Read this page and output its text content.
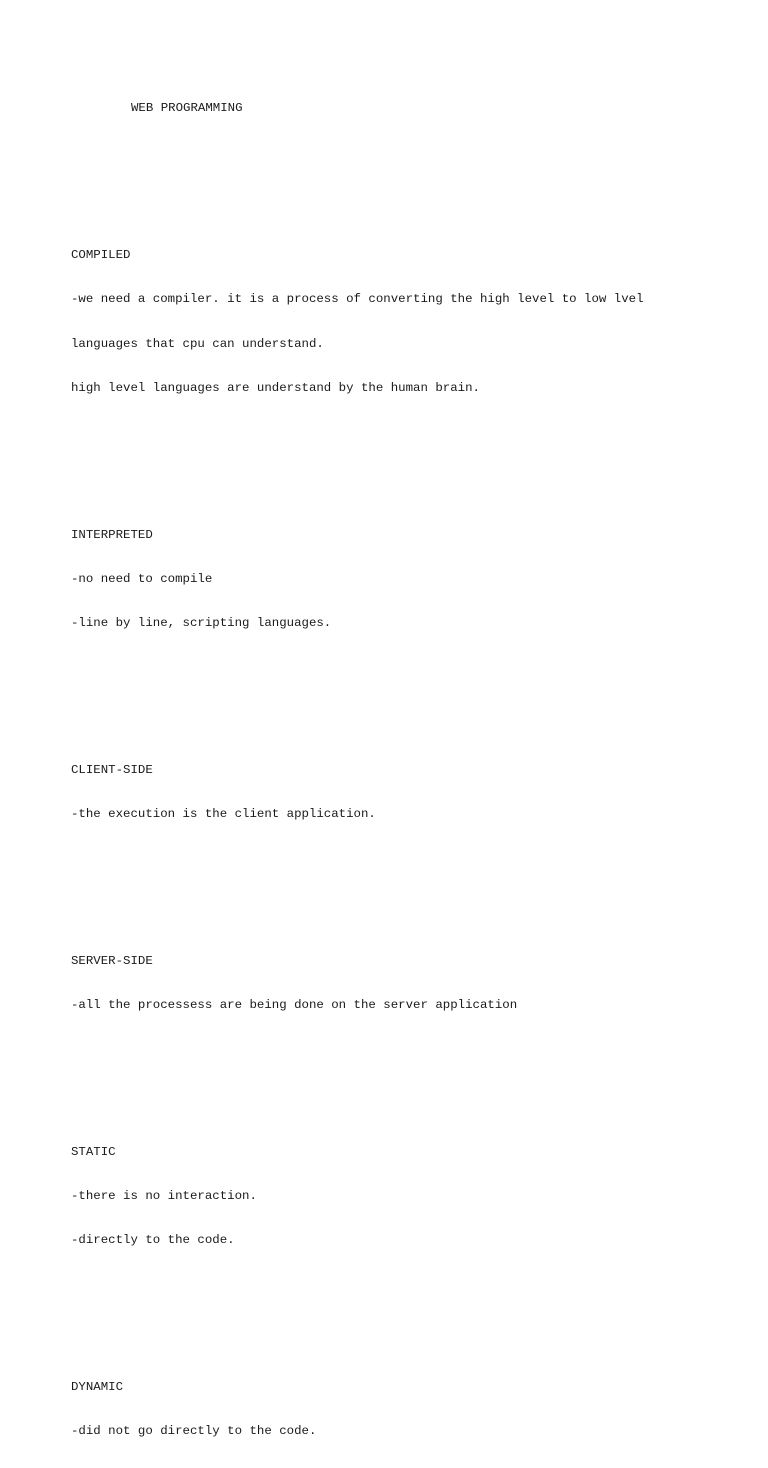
WEB PROGRAMMING

COMPILED

-we need a compiler. it is a process of converting the high level to low lvel

languages that cpu can understand.

high level languages are understand by the human brain.

INTERPRETED

-no need to compile

-line by line, scripting languages.

CLIENT-SIDE

-the execution is the client application.

SERVER-SIDE

-all the processess are being done on the server application

STATIC

-there is no interaction.

-directly to the code.

DYNAMIC

-did not go directly to the code.
